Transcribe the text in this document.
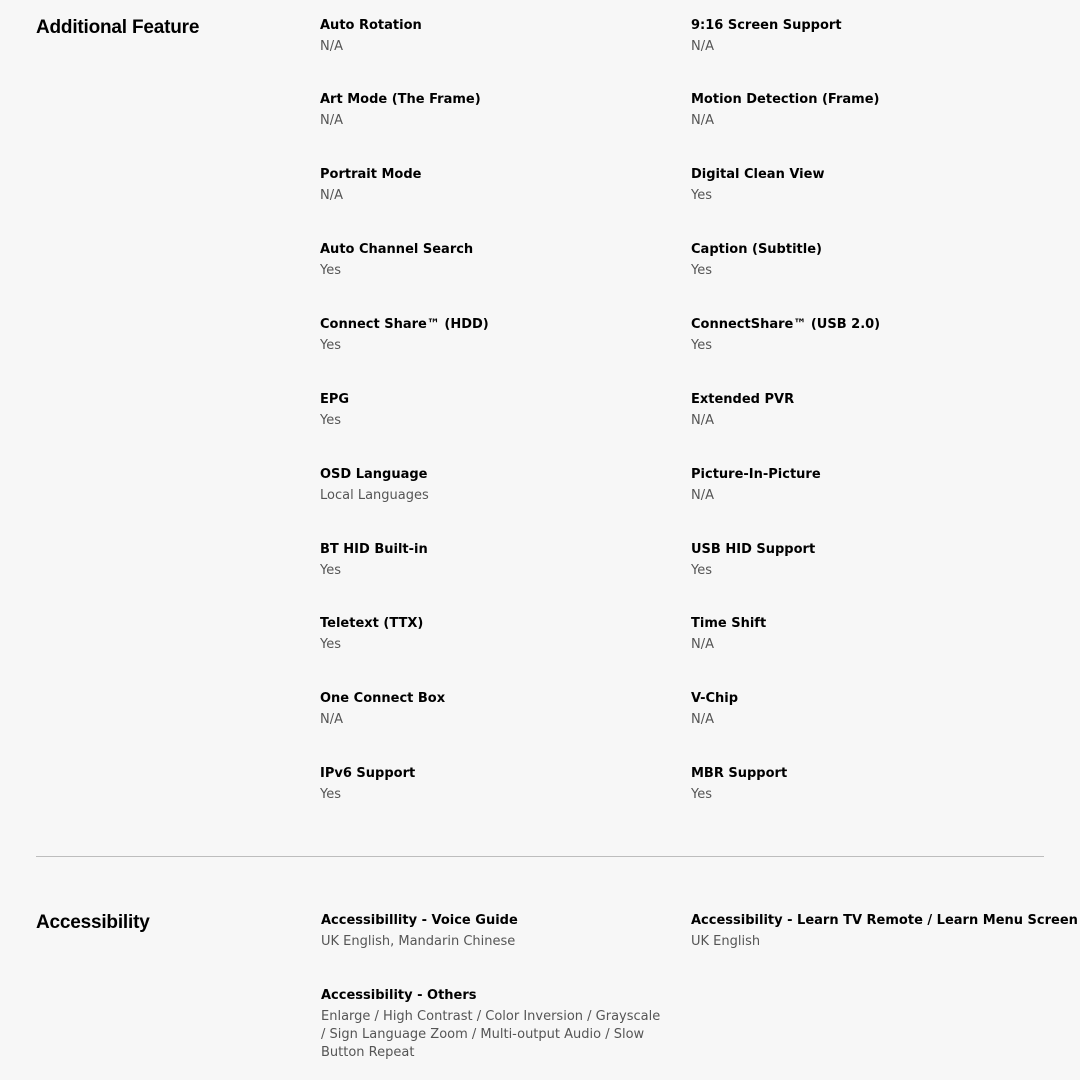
Additional Feature	Auto Rotation
N/A
9:16 Screen Support
N/A
Art Mode (The Frame)
N/A
Motion Detection (Frame)
N/A
Portrait Mode
N/A
Digital Clean View
Yes
Auto Channel Search
Yes
Caption (Subtitle)
Yes
Connect Share™ (HDD)
Yes
ConnectShare™ (USB 2.0)
Yes
EPG
Yes
Extended PVR
N/A
OSD Language
Local Languages
Picture-In-Picture
N/A
BT HID Built-in
Yes
USB HID Support
Yes
Teletext (TTX)
Yes
Time Shift
N/A
One Connect Box
N/A
V-Chip
N/A
IPv6 Support
Yes
MBR Support
Yes
Accessibility	Accessibillity - Voice Guide
UK English, Mandarin Chinese
Accessibility - Learn TV Remote / Learn Menu Screen
UK English
Accessibility - Others
Enlarge / High Contrast / Color Inversion / Grayscale / Sign Language Zoom / Multi-output Audio / Slow Button Repeat
